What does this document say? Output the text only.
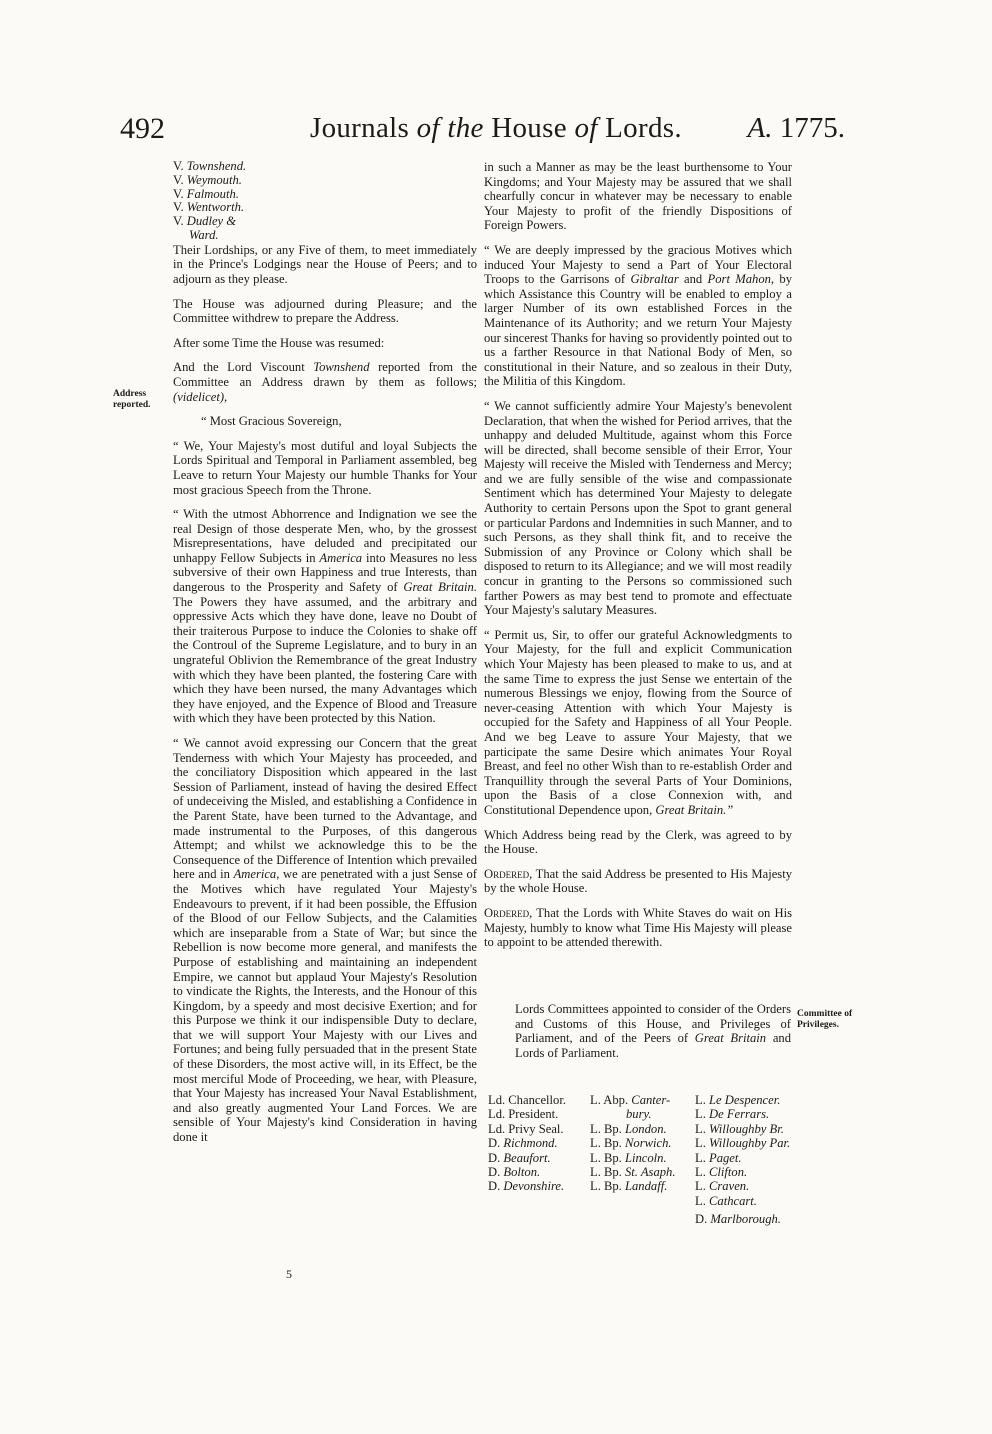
492	Journals of the House of Lords. A. 1775.
Address reported.
Committee of Privileges.
V. Townshend.
V. Weymouth.
V. Falmouth.
V. Wentworth.
V. Dudley &
Ward.

Their Lordships, or any Five of them, to meet immediately in the Prince's Lodgings near the House of Peers; and to adjourn as they please.

The House was adjourned during Pleasure; and the Committee withdrew to prepare the Address.

After some Time the House was resumed:

And the Lord Viscount Townshend reported from the Committee an Address drawn by them as follows; (videlicet),

“ Most Gracious Sovereign,

“ We, Your Majesty's most dutiful and loyal Subjects the Lords Spiritual and Temporal in Parliament assembled, beg Leave to return Your Majesty our humble Thanks for Your most gracious Speech from the Throne.

“ With the utmost Abhorrence and Indignation we see the real Design of those desperate Men, who, by the grossest Misrepresentations, have deluded and precipitated our unhappy Fellow Subjects in America into Measures no less subversive of their own Happiness and true Interests, than dangerous to the Prosperity and Safety of Great Britain. The Powers they have assumed, and the arbitrary and oppressive Acts which they have done, leave no Doubt of their traiterous Purpose to induce the Colonies to shake off the Controul of the Supreme Legislature, and to bury in an ungrateful Oblivion the Remembrance of the great Industry with which they have been planted, the fostering Care with which they have been nursed, the many Advantages which they have enjoyed, and the Expence of Blood and Treasure with which they have been protected by this Nation.

“ We cannot avoid expressing our Concern that the great Tenderness with which Your Majesty has proceeded, and the conciliatory Disposition which appeared in the last Session of Parliament, instead of having the desired Effect of undeceiving the Misled, and establishing a Confidence in the Parent State, have been turned to the Advantage, and made instrumental to the Purposes, of this dangerous Attempt; and whilst we acknowledge this to be the Consequence of the Difference of Intention which prevailed here and in America, we are penetrated with a just Sense of the Motives which have regulated Your Majesty's Endeavours to prevent, if it had been possible, the Effusion of the Blood of our Fellow Subjects, and the Calamities which are inseparable from a State of War; but since the Rebellion is now become more general, and manifests the Purpose of establishing and maintaining an independent Empire, we cannot but applaud Your Majesty's Resolution to vindicate the Rights, the Interests, and the Honour of this Kingdom, by a speedy and most decisive Exertion; and for this Purpose we think it our indispensible Duty to declare, that we will support Your Majesty with our Lives and Fortunes; and being fully persuaded that in the present State of these Disorders, the most active will, in its Effect, be the most merciful Mode of Proceeding, we hear, with Pleasure, that Your Majesty has increased Your Naval Establishment, and also greatly augmented Your Land Forces. We are sensible of Your Majesty's kind Consideration in having done it

in such a Manner as may be the least burthensome to Your Kingdoms; and Your Majesty may be assured that we shall chearfully concur in whatever may be necessary to enable Your Majesty to profit of the friendly Dispositions of Foreign Powers.

“ We are deeply impressed by the gracious Motives which induced Your Majesty to send a Part of Your Electoral Troops to the Garrisons of Gibraltar and Port Mahon, by which Assistance this Country will be enabled to employ a larger Number of its own established Forces in the Maintenance of its Authority; and we return Your Majesty our sincerest Thanks for having so providently pointed out to us a farther Resource in that National Body of Men, so constitutional in their Nature, and so zealous in their Duty, the Militia of this Kingdom.

“ We cannot sufficiently admire Your Majesty's benevolent Declaration, that when the wished for Period arrives, that the unhappy and deluded Multitude, against whom this Force will be directed, shall become sensible of their Error, Your Majesty will receive the Misled with Tenderness and Mercy; and we are fully sensible of the wise and compassionate Sentiment which has determined Your Majesty to delegate Authority to certain Persons upon the Spot to grant general or particular Pardons and Indemnities in such Manner, and to such Persons, as they shall think fit, and to receive the Submission of any Province or Colony which shall be disposed to return to its Allegiance; and we will most readily concur in granting to the Persons so commissioned such farther Powers as may best tend to promote and effectuate Your Majesty's salutary Measures.

“ Permit us, Sir, to offer our grateful Acknowledgments to Your Majesty, for the full and explicit Communication which Your Majesty has been pleased to make to us, and at the same Time to express the just Sense we entertain of the numerous Blessings we enjoy, flowing from the Source of never-ceasing Attention with which Your Majesty is occupied for the Safety and Happiness of all Your People. And we beg Leave to assure Your Majesty, that we participate the same Desire which animates Your Royal Breast, and feel no other Wish than to re-establish Order and Tranquillity through the several Parts of Your Dominions, upon the Basis of a close Connexion with, and Constitutional Dependence upon, Great Britain.”

Which Address being read by the Clerk, was agreed to by the House.

Ordered, That the said Address be presented to His Majesty by the whole House.

Ordered, That the Lords with White Staves do wait on His Majesty, humbly to know what Time His Majesty will please to appoint to be attended therewith.

Lords Committees appointed to consider of the Orders and Customs of this House, and Privileges of Parliament, and of the Peers of Great Britain and Lords of Parliament.
Ld. Chancellor.
Ld. President.
Ld. Privy Seal.
D. Richmond.
D. Beaufort.
D. Bolton.
D. Devonshire.
L. Abp. Canter-
bury.
L. Bp. London.
L. Bp. Norwich.
L. Bp. Lincoln.
L. Bp. St. Asaph.
L. Bp. Landaff.
L. Le Despencer.
L. De Ferrars.
L. Willoughby Br.
L. Willoughby Par.
L. Paget.
L. Clifton.
L. Craven.
L. Cathcart.
D. Marlborough.
5
